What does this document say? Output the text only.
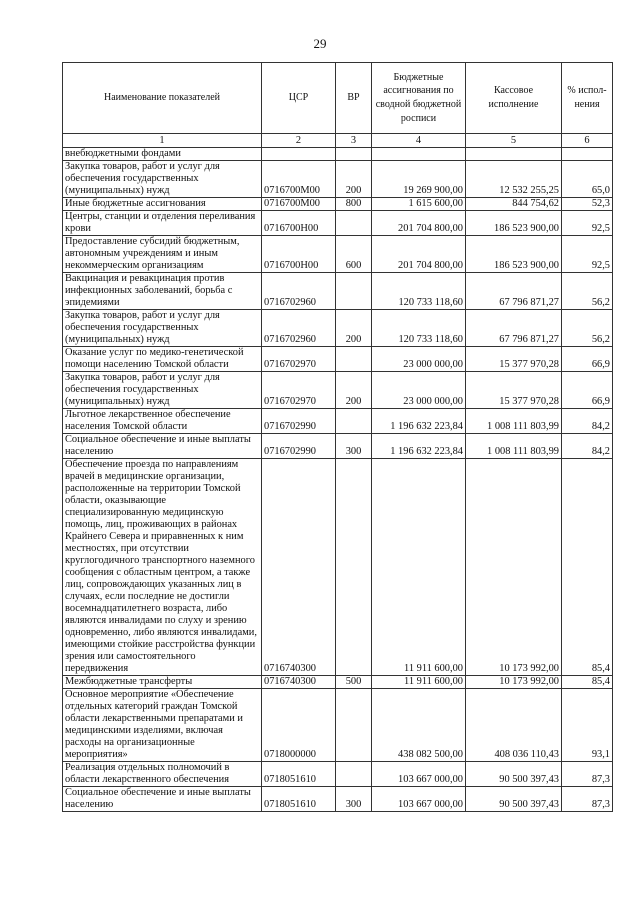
29
Наименование показателей	ЦСР	ВР	Бюджетные ассигнования по сводной бюджетной росписи	Кассовое исполнение	% испол-нения
1	2	3	4	5	6
внебюджетными фондами					
Закупка товаров, работ и услуг для обеспечения государственных (муниципальных) нужд	0716700М00	200	19 269 900,00	12 532 255,25	65,0
Иные бюджетные ассигнования	0716700М00	800	1 615 600,00	844 754,62	52,3
Центры, станции и отделения переливания крови	0716700Н00		201 704 800,00	186 523 900,00	92,5
Предоставление субсидий бюджетным, автономным учреждениям и иным некоммерческим организациям	0716700Н00	600	201 704 800,00	186 523 900,00	92,5
Вакцинация и ревакцинация против инфекционных заболеваний, борьба с эпидемиями	0716702960		120 733 118,60	67 796 871,27	56,2
Закупка товаров, работ и услуг для обеспечения государственных (муниципальных) нужд	0716702960	200	120 733 118,60	67 796 871,27	56,2
Оказание услуг по медико-генетической помощи населению Томской области	0716702970		23 000 000,00	15 377 970,28	66,9
Закупка товаров, работ и услуг для обеспечения государственных (муниципальных) нужд	0716702970	200	23 000 000,00	15 377 970,28	66,9
Льготное лекарственное обеспечение населения Томской области	0716702990		1 196 632 223,84	1 008 111 803,99	84,2
Социальное обеспечение и иные выплаты населению	0716702990	300	1 196 632 223,84	1 008 111 803,99	84,2
Обеспечение проезда по направлениям врачей в медицинские организации, расположенные на территории Томской области, оказывающие специализированную медицинскую помощь, лиц, проживающих в районах Крайнего Севера и приравненных к ним местностях, при отсутствии круглогодичного транспортного наземного сообщения с областным центром, а также лиц, сопровождающих указанных лиц в случаях, если последние не достигли восемнадцатилетнего возраста, либо являются инвалидами по слуху и зрению одновременно, либо являются инвалидами, имеющими стойкие расстройства функции зрения или самостоятельного передвижения	0716740300		11 911 600,00	10 173 992,00	85,4
Межбюджетные трансферты	0716740300	500	11 911 600,00	10 173 992,00	85,4
Основное мероприятие «Обеспечение отдельных категорий граждан Томской области лекарственными препаратами и медицинскими изделиями, включая расходы на организационные мероприятия»	0718000000		438 082 500,00	408 036 110,43	93,1
Реализация отдельных полномочий в области лекарственного обеспечения	0718051610		103 667 000,00	90 500 397,43	87,3
Социальное обеспечение и иные выплаты населению	0718051610	300	103 667 000,00	90 500 397,43	87,3
